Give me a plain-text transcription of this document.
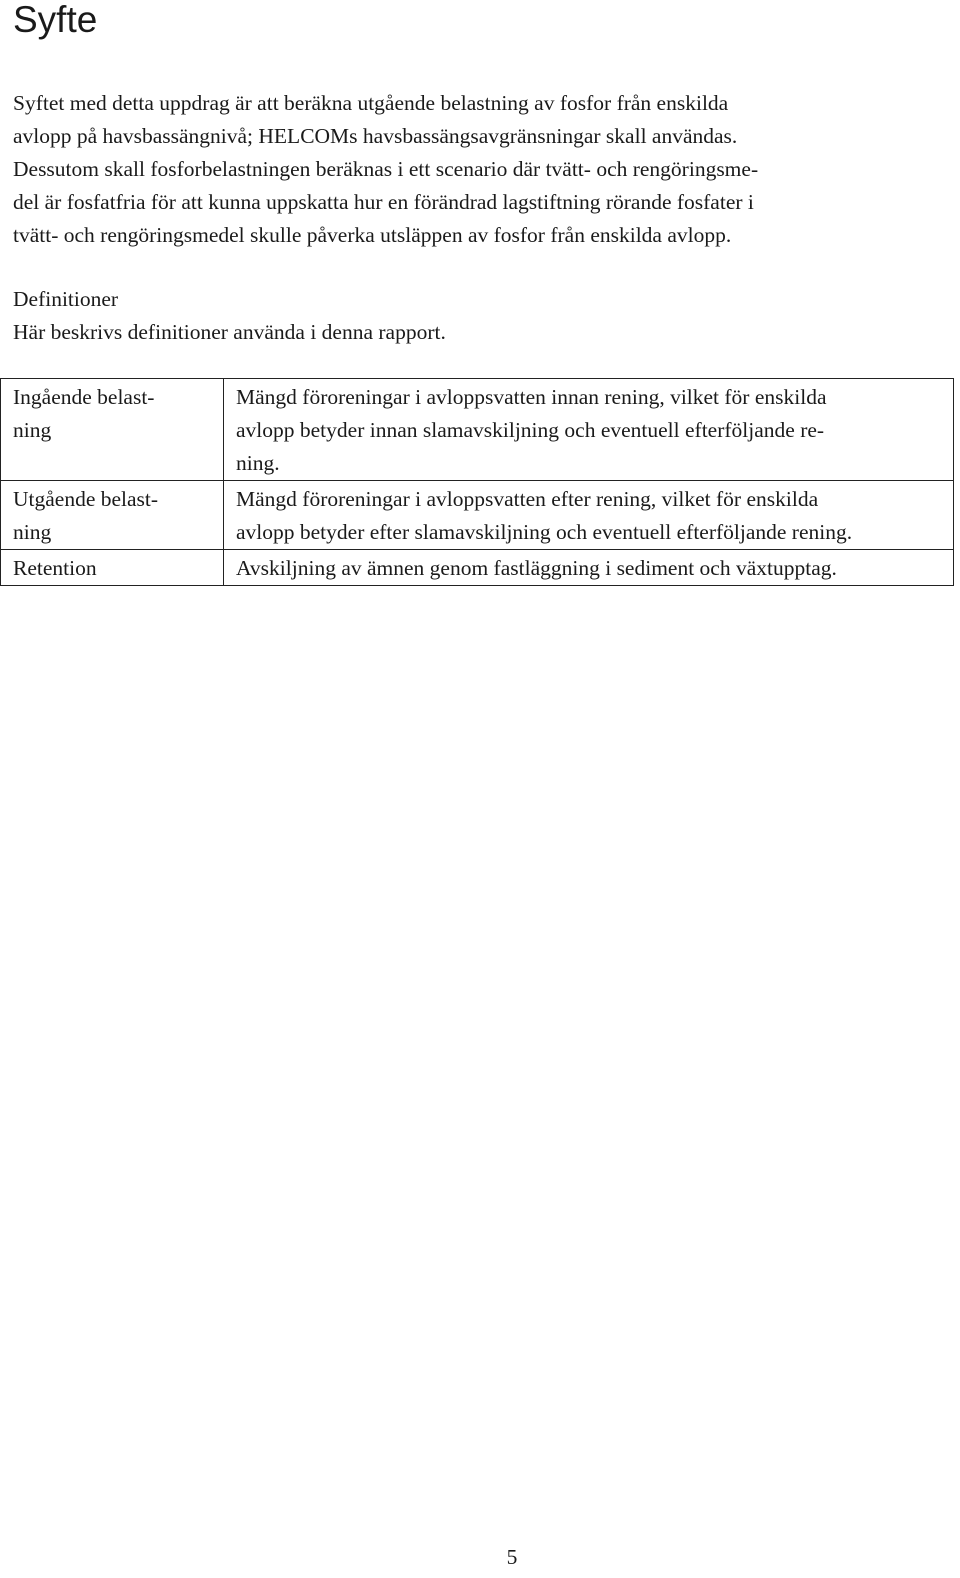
Syfte

Syftet med detta uppdrag är att beräkna utgående belastning av fosfor från enskilda
avlopp på havsbassängnivå; HELCOMs havsbassängsavgränsningar skall användas.
Dessutom skall fosforbelastningen beräknas i ett scenario där tvätt- och rengöringsme-
del är fosfatfria för att kunna uppskatta hur en förändrad lagstiftning rörande fosfater i
tvätt- och rengöringsmedel skulle påverka utsläppen av fosfor från enskilda avlopp.

Definitioner
Här beskrivs definitioner använda i denna rapport.

Ingående belast-
ning	Mängd föroreningar i avloppsvatten innan rening, vilket för enskilda
avlopp betyder innan slamavskiljning och eventuell efterföljande re-
ning.

Utgående belast-
ning	Mängd föroreningar i avloppsvatten efter rening, vilket för enskilda
avlopp betyder efter slamavskiljning och eventuell efterföljande rening.

Retention	Avskiljning av ämnen genom fastläggning i sediment och växtupptag.
5
